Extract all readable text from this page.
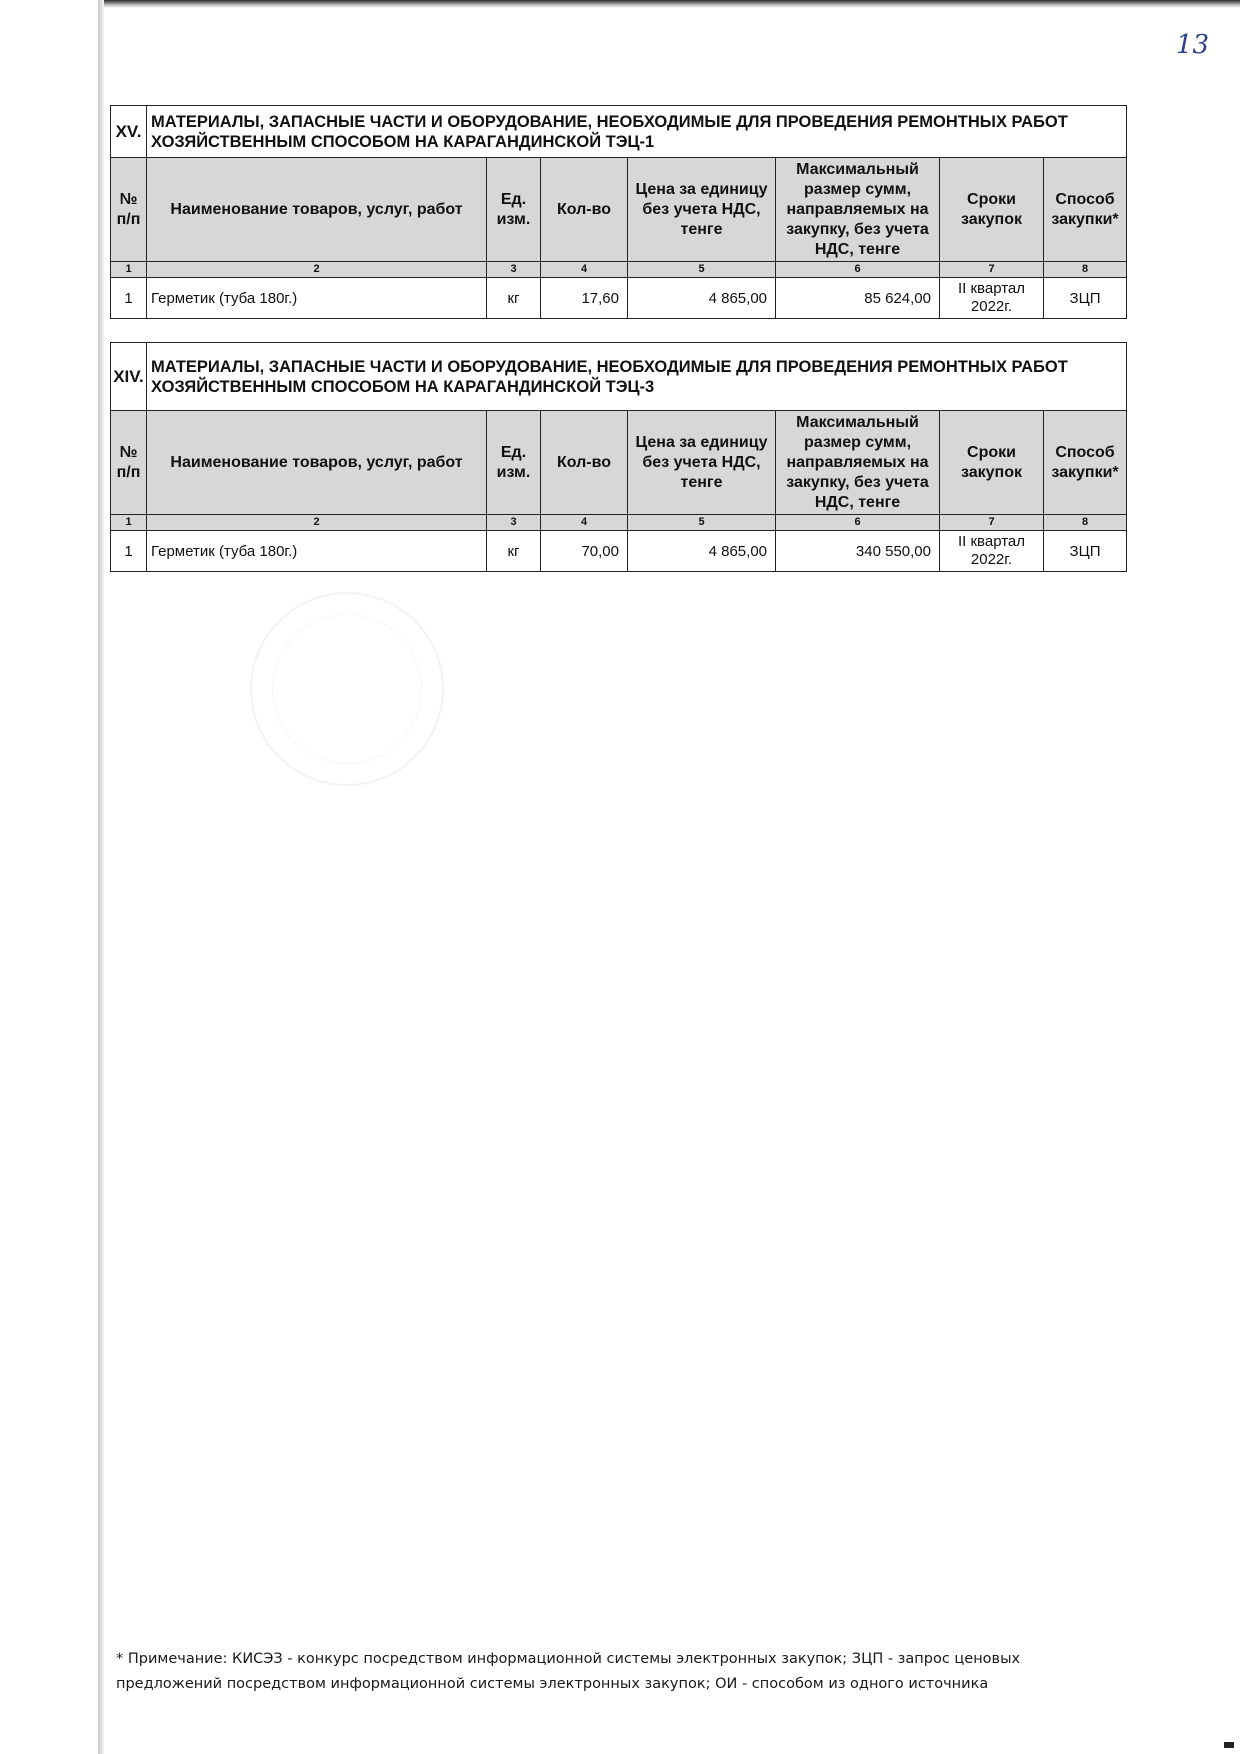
13
XV.	МАТЕРИАЛЫ, ЗАПАСНЫЕ ЧАСТИ И ОБОРУДОВАНИЕ, НЕОБХОДИМЫЕ ДЛЯ ПРОВЕДЕНИЯ РЕМОНТНЫХ РАБОТ ХОЗЯЙСТВЕННЫМ СПОСОБОМ НА КАРАГАНДИНСКОЙ ТЭЦ-1						
№ п/п	Наименование товаров, услуг, работ	Ед. изм.	Кол-во	Цена за единицу без учета НДС, тенге	Максимальный размер сумм, направляемых на закупку, без учета НДС, тенге	Сроки закупок	Способ закупки*
1	2	3	4	5	6	7	8
1	Герметик (туба 180г.)	кг	17,60	4 865,00	85 624,00	II квартал 2022г.	ЗЦП
XIV.	МАТЕРИАЛЫ, ЗАПАСНЫЕ ЧАСТИ И ОБОРУДОВАНИЕ, НЕОБХОДИМЫЕ ДЛЯ ПРОВЕДЕНИЯ РЕМОНТНЫХ РАБОТ ХОЗЯЙСТВЕННЫМ СПОСОБОМ НА КАРАГАНДИНСКОЙ ТЭЦ-3						
№ п/п	Наименование товаров, услуг, работ	Ед. изм.	Кол-во	Цена за единицу без учета НДС, тенге	Максимальный размер сумм, направляемых на закупку, без учета НДС, тенге	Сроки закупок	Способ закупки*
1	2	3	4	5	6	7	8
1	Герметик (туба 180г.)	кг	70,00	4 865,00	340 550,00	II квартал 2022г.	ЗЦП
* Примечание: КИСЭЗ - конкурс посредством информационной системы электронных закупок; ЗЦП - запрос ценовых предложений посредством информационной системы электронных закупок; ОИ - способом из одного источника
